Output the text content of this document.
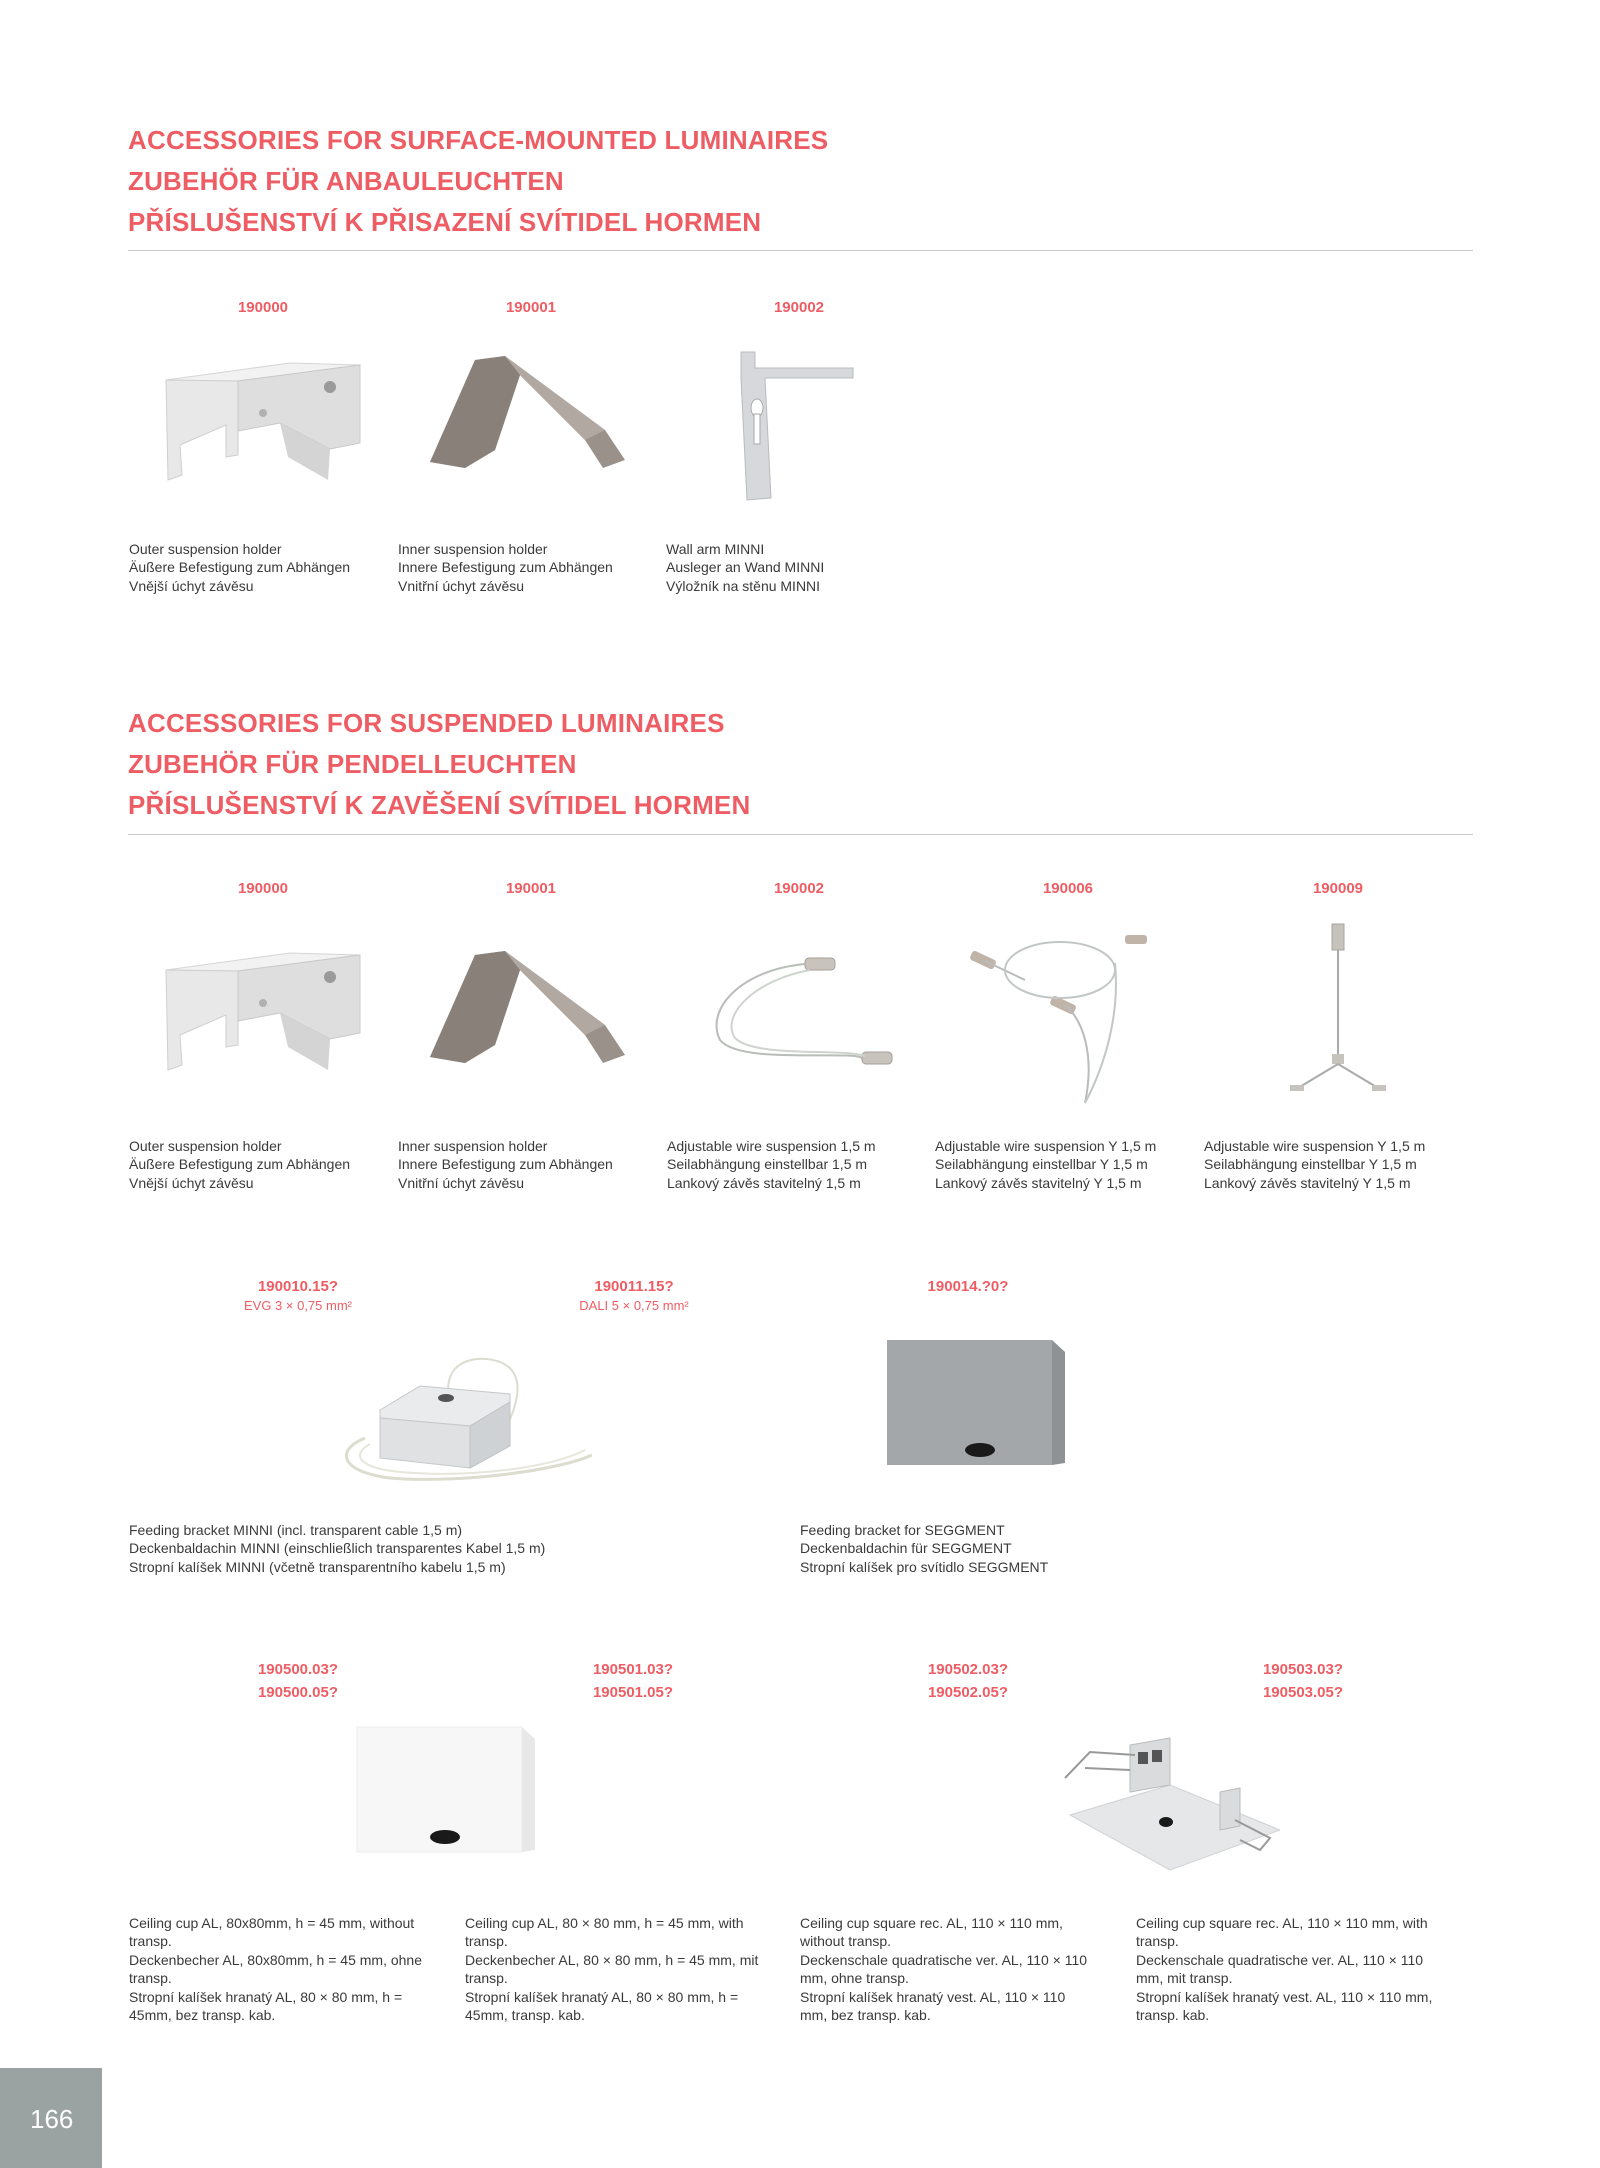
ACCESSORIES FOR SURFACE-MOUNTED LUMINAIRES
ZUBEHÖR FÜR ANBAULEUCHTEN
PŘÍSLUŠENSTVÍ K PŘISAZENÍ SVÍTIDEL HORMEN
190000	190001	190002
Outer suspension holder
Äußere Befestigung zum Abhängen
Vnější úchyt závěsu
Inner suspension holder
Innere Befestigung zum Abhängen
Vnitřní úchyt závěsu
Wall arm MINNI
Ausleger an Wand MINNI
Výložník na stěnu MINNI
ACCESSORIES FOR SUSPENDED LUMINAIRES
ZUBEHÖR FÜR PENDELLEUCHTEN
PŘÍSLUŠENSTVÍ K ZAVĚŠENÍ SVÍTIDEL HORMEN
190000	190001	190002	190006	190009
Outer suspension holder
Äußere Befestigung zum Abhängen
Vnější úchyt závěsu
Inner suspension holder
Innere Befestigung zum Abhängen
Vnitřní úchyt závěsu
Adjustable wire suspension 1,5 m
Seilabhängung einstellbar 1,5 m
Lankový závěs stavitelný 1,5 m
Adjustable wire suspension Y 1,5 m
Seilabhängung einstellbar Y 1,5 m
Lankový závěs stavitelný Y 1,5 m
Adjustable wire suspension Y 1,5 m
Seilabhängung einstellbar Y 1,5 m
Lankový závěs stavitelný Y 1,5 m
190010.15?
EVG 3 × 0,75 mm²
190011.15?
DALI 5 × 0,75 mm²
190014.?0?
Feeding bracket MINNI (incl. transparent cable 1,5 m)
Deckenbaldachin MINNI (einschließlich transparentes Kabel 1,5 m)
Stropní kalíšek MINNI (včetně transparentního kabelu 1,5 m)
Feeding bracket for SEGGMENT
Deckenbaldachin für SEGGMENT
Stropní kalíšek pro svítidlo SEGGMENT
190500.03?
190500.05?
190501.03?
190501.05?
190502.03?
190502.05?
190503.03?
190503.05?
Ceiling cup AL, 80x80mm, h = 45 mm, without transp.
Deckenbecher AL, 80x80mm, h = 45 mm, ohne transp.
Stropní kalíšek hranatý AL, 80 × 80 mm, h = 45mm, bez transp. kab.
Ceiling cup AL, 80 × 80 mm, h = 45 mm, with transp.
Deckenbecher AL, 80 × 80 mm, h = 45 mm, mit transp.
Stropní kalíšek hranatý AL, 80 × 80 mm, h = 45mm, transp. kab.
Ceiling cup square rec. AL, 110 × 110 mm, without transp.
Deckenschale quadratische ver. AL, 110 × 110 mm, ohne transp.
Stropní kalíšek hranatý vest. AL, 110 × 110 mm, bez transp. kab.
Ceiling cup square rec. AL, 110 × 110 mm, with transp.
Deckenschale quadratische ver. AL, 110 × 110 mm, mit transp.
Stropní kalíšek hranatý vest. AL, 110 × 110 mm, transp. kab.
166
